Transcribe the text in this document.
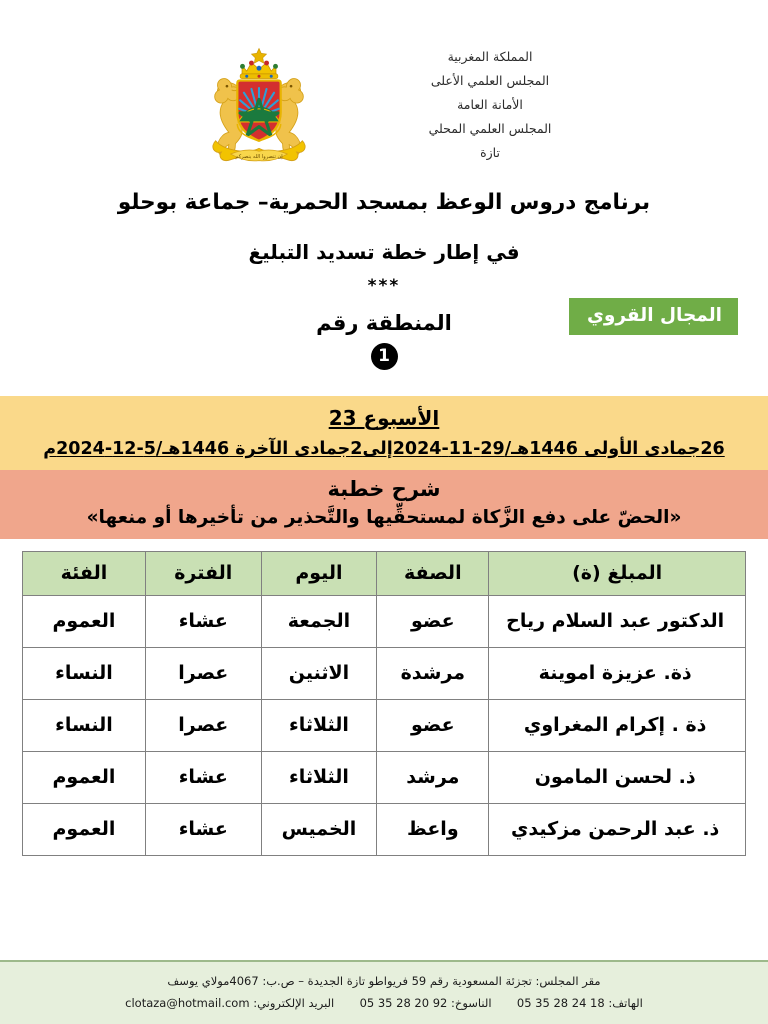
إن تنصروا الله ينصركم
المملكة المغربية
المجلس العلمي الأعلى
الأمانة العامة
المجلس العلمي المحلي
تازة
برنامج دروس الوعظ بمسجد الحمرية– جماعة بوحلو
في إطار خطة تسديد التبليغ
***
المجال القروي
المنطقة رقم
1
الأسبوع 23
26جمادى الأولى 1446هـ/29-11-2024إلى2جمادى الآخرة 1446هـ/5-12-2024م
شرح خطبة
«الحضّ على دفع الزَّكاة لمستحقِّيها والتَّحذير من تأخيرها أو منعها»
المبلغ (ة)	الصفة	اليوم	الفترة	الفئة
الدكتور عبد السلام رياح	عضو	الجمعة	عشاء	العموم
ذة. عزيزة اموينة	مرشدة	الاثنين	عصرا	النساء
ذة . إكرام المغراوي	عضو	الثلاثاء	عصرا	النساء
ذ. لحسن المامون	مرشد	الثلاثاء	عشاء	العموم
ذ. عبد الرحمن مزكيدي	واعظ	الخميس	عشاء	العموم
مقر المجلس: تجزئة المسعودية رقم 59 فريواطو تازة الجديدة – ص.ب: 4067مولاي يوسف
الهاتف: 05 35 28 24 18  الناسوخ: 05 35 28 20 92  البريد الإلكتروني: clotaza@hotmail.com
